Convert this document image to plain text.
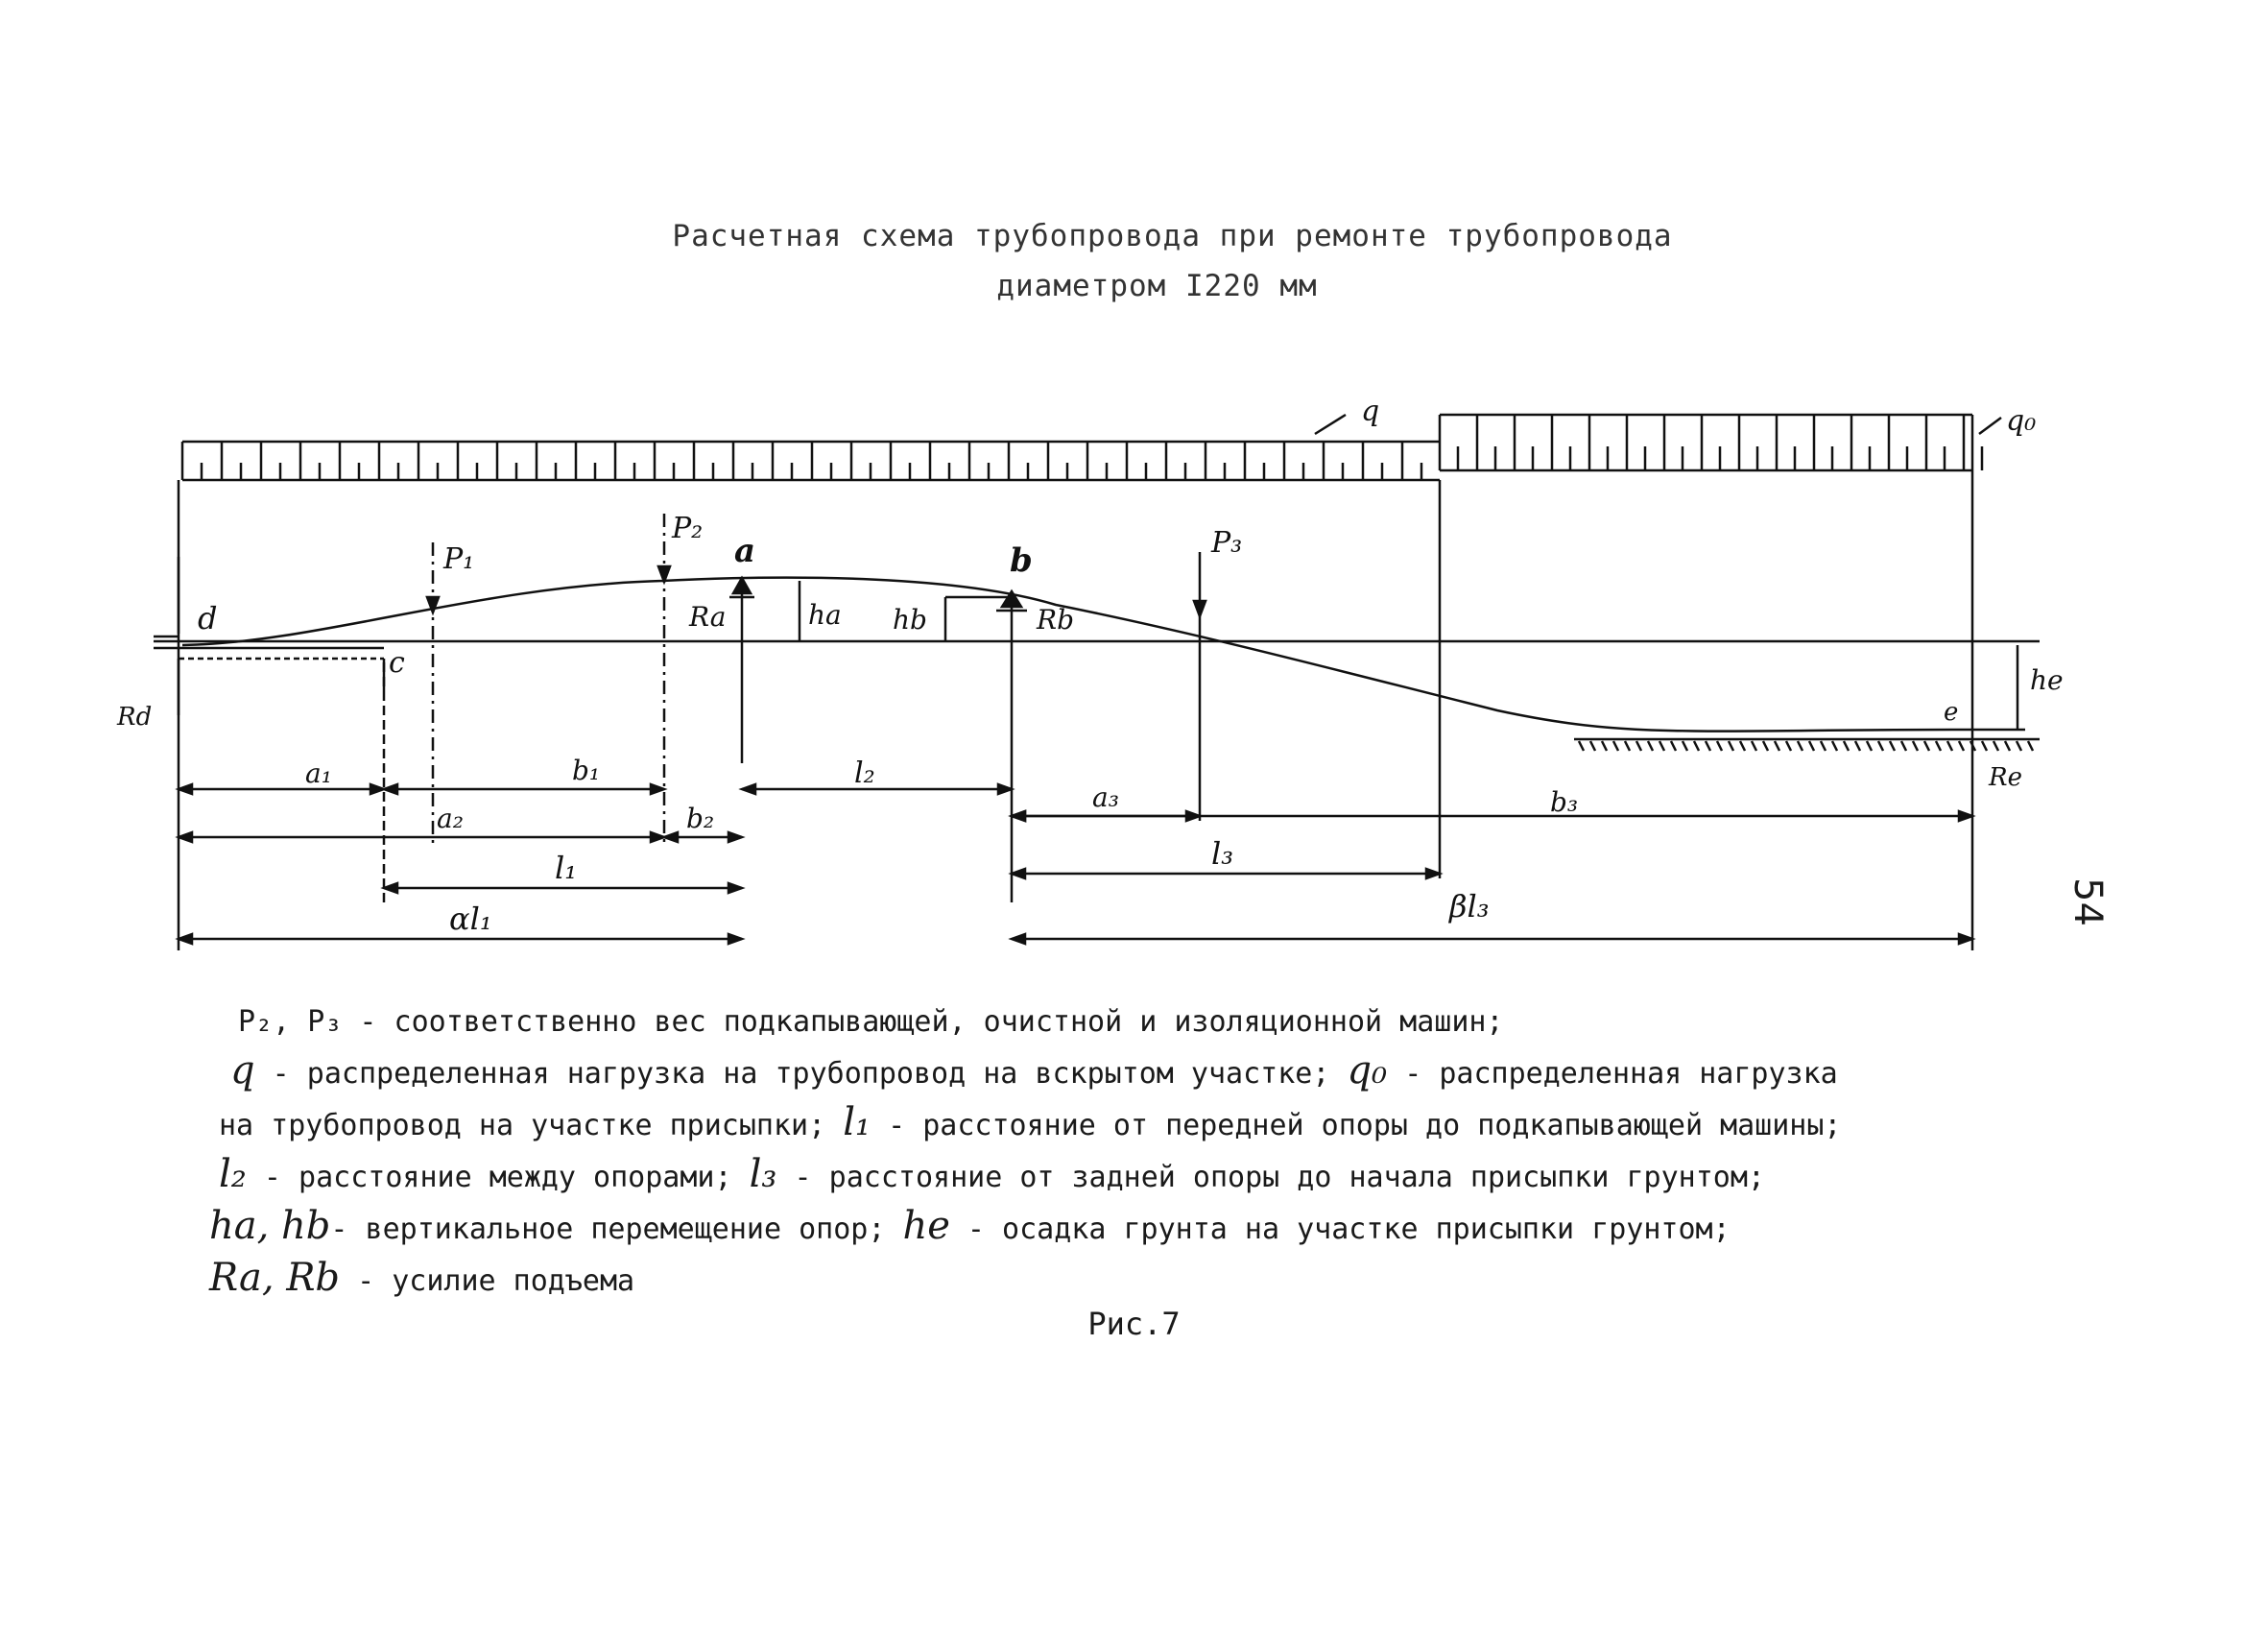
Расчетная схема трубопровода при ремонте трубопровода
диаметром I220 мм
q	q₀
P₁
P₂	P₃
d
c
a	b
e
Rd
Ra	Rb
Re
ha hb
he
a₁	b₁	l₂
a₂	b₂
a₃	b₃
l₁	l₃
αl₁	βl₃	54
P₂, P₃ - соответственно вес подкапывающей, очистной и изоляционной машин;
q - распределенная нагрузка на трубопровод на вскрытом участке; q₀ - распределенная нагрузка
на трубопровод на участке присыпки; l₁ - расстояние от передней опоры до подкапывающей машины;
l₂ - расстояние между опорами; l₃ - расстояние от задней опоры до начала присыпки грунтом;
ha, hb- вертикальное перемещение опор; he - осадка грунта на участке присыпки грунтом;
Ra, Rb - усилие подъема
Рис.7
